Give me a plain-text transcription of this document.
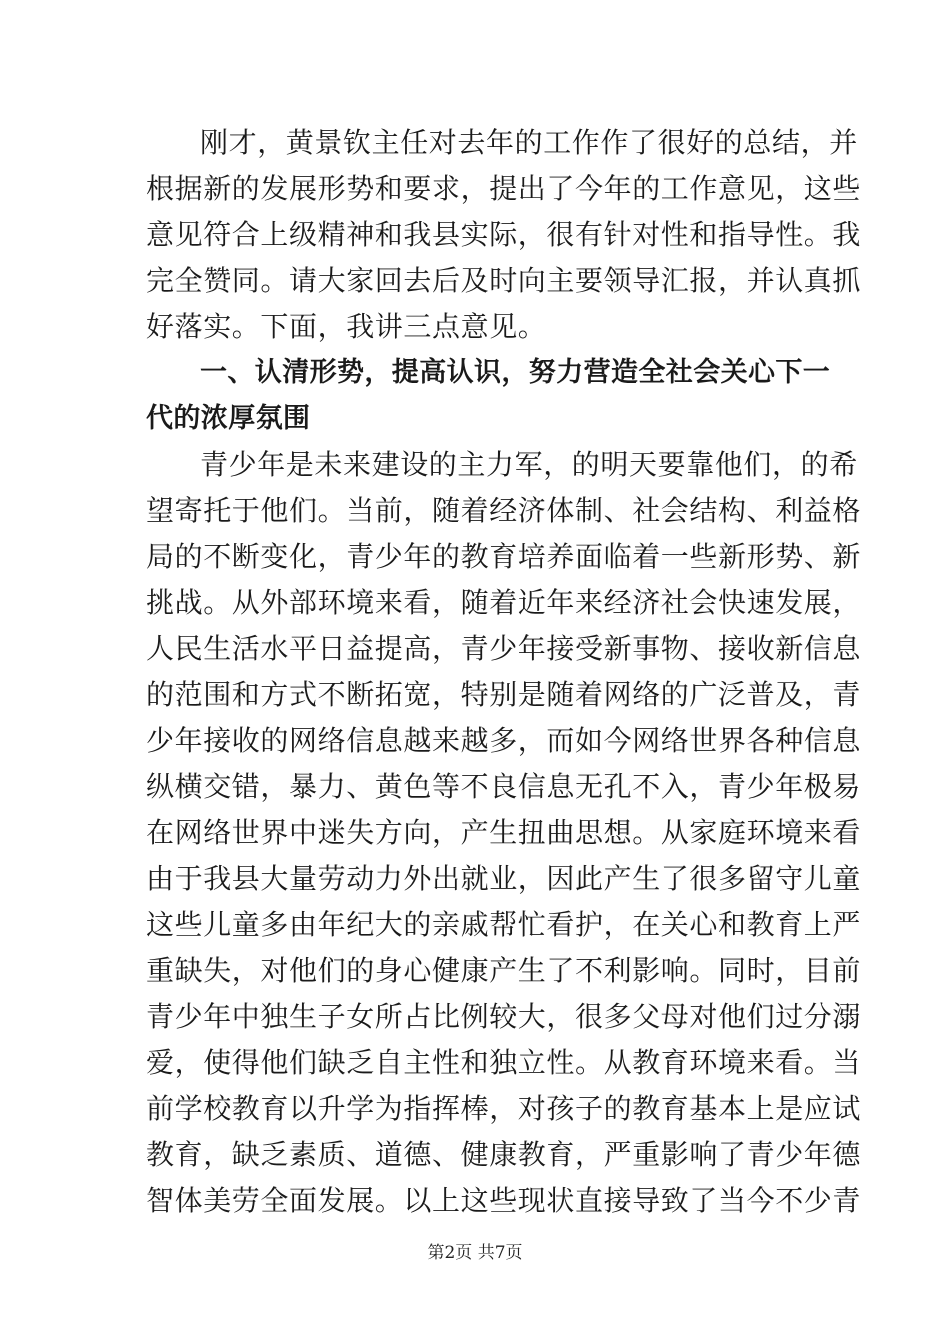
刚才，黄景钦主任对去年的工作作了很好的总结，并
根据新的发展形势和要求，提出了今年的工作意见，这些
意见符合上级精神和我县实际，很有针对性和指导性。我
完全赞同。请大家回去后及时向主要领导汇报，并认真抓
好落实。下面，我讲三点意见。
一、认清形势，提高认识，努力营造全社会关心下一
代的浓厚氛围
青少年是未来建设的主力军，的明天要靠他们，的希
望寄托于他们。当前，随着经济体制、社会结构、利益格
局的不断变化，青少年的教育培养面临着一些新形势、新
挑战。从外部环境来看，随着近年来经济社会快速发展，
人民生活水平日益提高，青少年接受新事物、接收新信息
的范围和方式不断拓宽，特别是随着网络的广泛普及，青
少年接收的网络信息越来越多，而如今网络世界各种信息
纵横交错，暴力、黄色等不良信息无孔不入，青少年极易
在网络世界中迷失方向，产生扭曲思想。从家庭环境来看
由于我县大量劳动力外出就业，因此产生了很多留守儿童
这些儿童多由年纪大的亲戚帮忙看护，在关心和教育上严
重缺失，对他们的身心健康产生了不利影响。同时，目前
青少年中独生子女所占比例较大，很多父母对他们过分溺
爱，使得他们缺乏自主性和独立性。从教育环境来看。当
前学校教育以升学为指挥棒，对孩子的教育基本上是应试
教育，缺乏素质、道德、健康教育，严重影响了青少年德
智体美劳全面发展。以上这些现状直接导致了当今不少青
第2页 共7页
